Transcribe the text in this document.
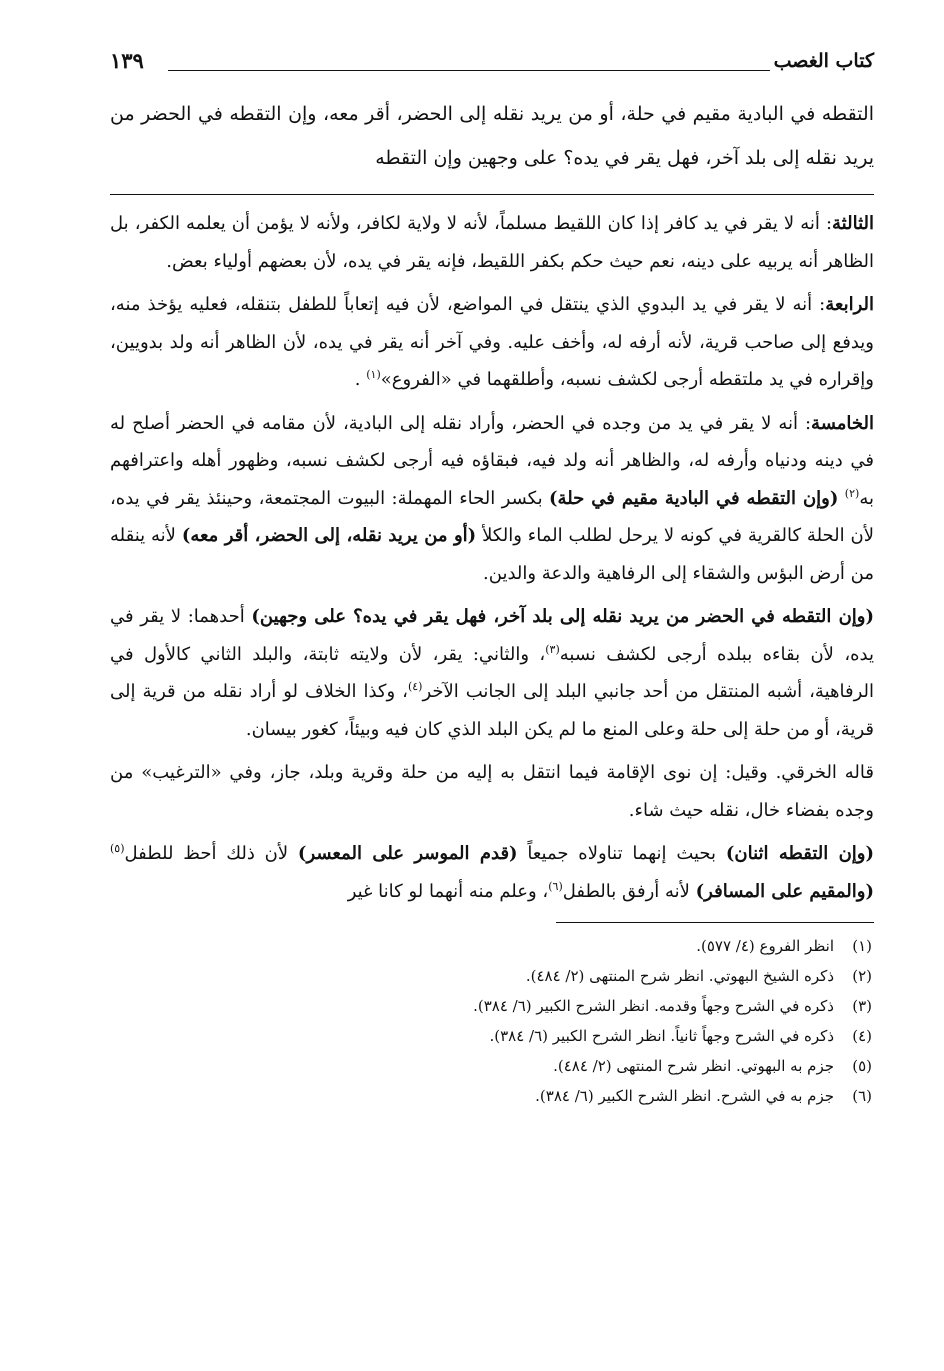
كتاب الغصب
١٣٩
التقطه في البادية مقيم في حلة، أو من يريد نقله إلى الحضر، أقر معه، وإن التقطه في الحضر من يريد نقله إلى بلد آخر، فهل يقر في يده؟ على وجهين وإن التقطه

الثالثة: أنه لا يقر في يد كافر إذا كان اللقيط مسلماً، لأنه لا ولاية لكافر، ولأنه لا يؤمن أن يعلمه الكفر، بل الظاهر أنه يربيه على دينه، نعم حيث حكم بكفر اللقيط، فإنه يقر في يده، لأن بعضهم أولياء بعض.

الرابعة: أنه لا يقر في يد البدوي الذي ينتقل في المواضع، لأن فيه إتعاباً للطفل بتنقله، فعليه يؤخذ منه، ويدفع إلى صاحب قرية، لأنه أرفه له، وأخف عليه. وفي آخر أنه يقر في يده، لأن الظاهر أنه ولد بدويين، وإقراره في يد ملتقطه أرجى لكشف نسبه، وأطلقهما في «الفروع»$^{(١)}$ .

الخامسة: أنه لا يقر في يد من وجده في الحضر، وأراد نقله إلى البادية، لأن مقامه في الحضر أصلح له في دينه ودنياه وأرفه له، والظاهر أنه ولد فيه، فبقاؤه فيه أرجى لكشف نسبه، وظهور أهله واعترافهم به$^{(٢)}$ (وإن التقطه في البادية مقيم في حلة) بكسر الحاء المهملة: البيوت المجتمعة، وحينئذ يقر في يده، لأن الحلة كالقرية في كونه لا يرحل لطلب الماء والكلأ (أو من يريد نقله، إلى الحضر، أقر معه) لأنه ينقله من أرض البؤس والشقاء إلى الرفاهية والدعة والدين.

(وإن التقطه في الحضر من يريد نقله إلى بلد آخر، فهل يقر في يده؟ على وجهين) أحدهما: لا يقر في يده، لأن بقاءه ببلده أرجى لكشف نسبه$^{(٣)}$، والثاني: يقر، لأن ولايته ثابتة، والبلد الثاني كالأول في الرفاهية، أشبه المنتقل من أحد جانبي البلد إلى الجانب الآخر$^{(٤)}$، وكذا الخلاف لو أراد نقله من قرية إلى قرية، أو من حلة إلى حلة وعلى المنع ما لم يكن البلد الذي كان فيه وبيئاً، كغور بيسان.

قاله الخرقي. وقيل: إن نوى الإقامة فيما انتقل به إليه من حلة وقرية وبلد، جاز، وفي «الترغيب» من وجده بفضاء خال، نقله حيث شاء.

(وإن التقطه اثنان) بحيث إنهما تناولاه جميعاً (قدم الموسر على المعسر) لأن ذلك أحظ للطفل$^{(٥)}$ (والمقيم على المسافر) لأنه أرفق بالطفل$^{(٦)}$، وعلم منه أنهما لو كانا غير

(١)انظر الفروع (٤/ ٥٧٧).
(٢)ذكره الشيخ البهوتي. انظر شرح المنتهى (٢/ ٤٨٤).
(٣)ذكره في الشرح وجهاً وقدمه. انظر الشرح الكبير (٦/ ٣٨٤).
(٤)ذكره في الشرح وجهاً ثانياً. انظر الشرح الكبير (٦/ ٣٨٤).
(٥)جزم به البهوتي. انظر شرح المنتهى (٢/ ٤٨٤).
(٦)جزم به في الشرح. انظر الشرح الكبير (٦/ ٣٨٤).
